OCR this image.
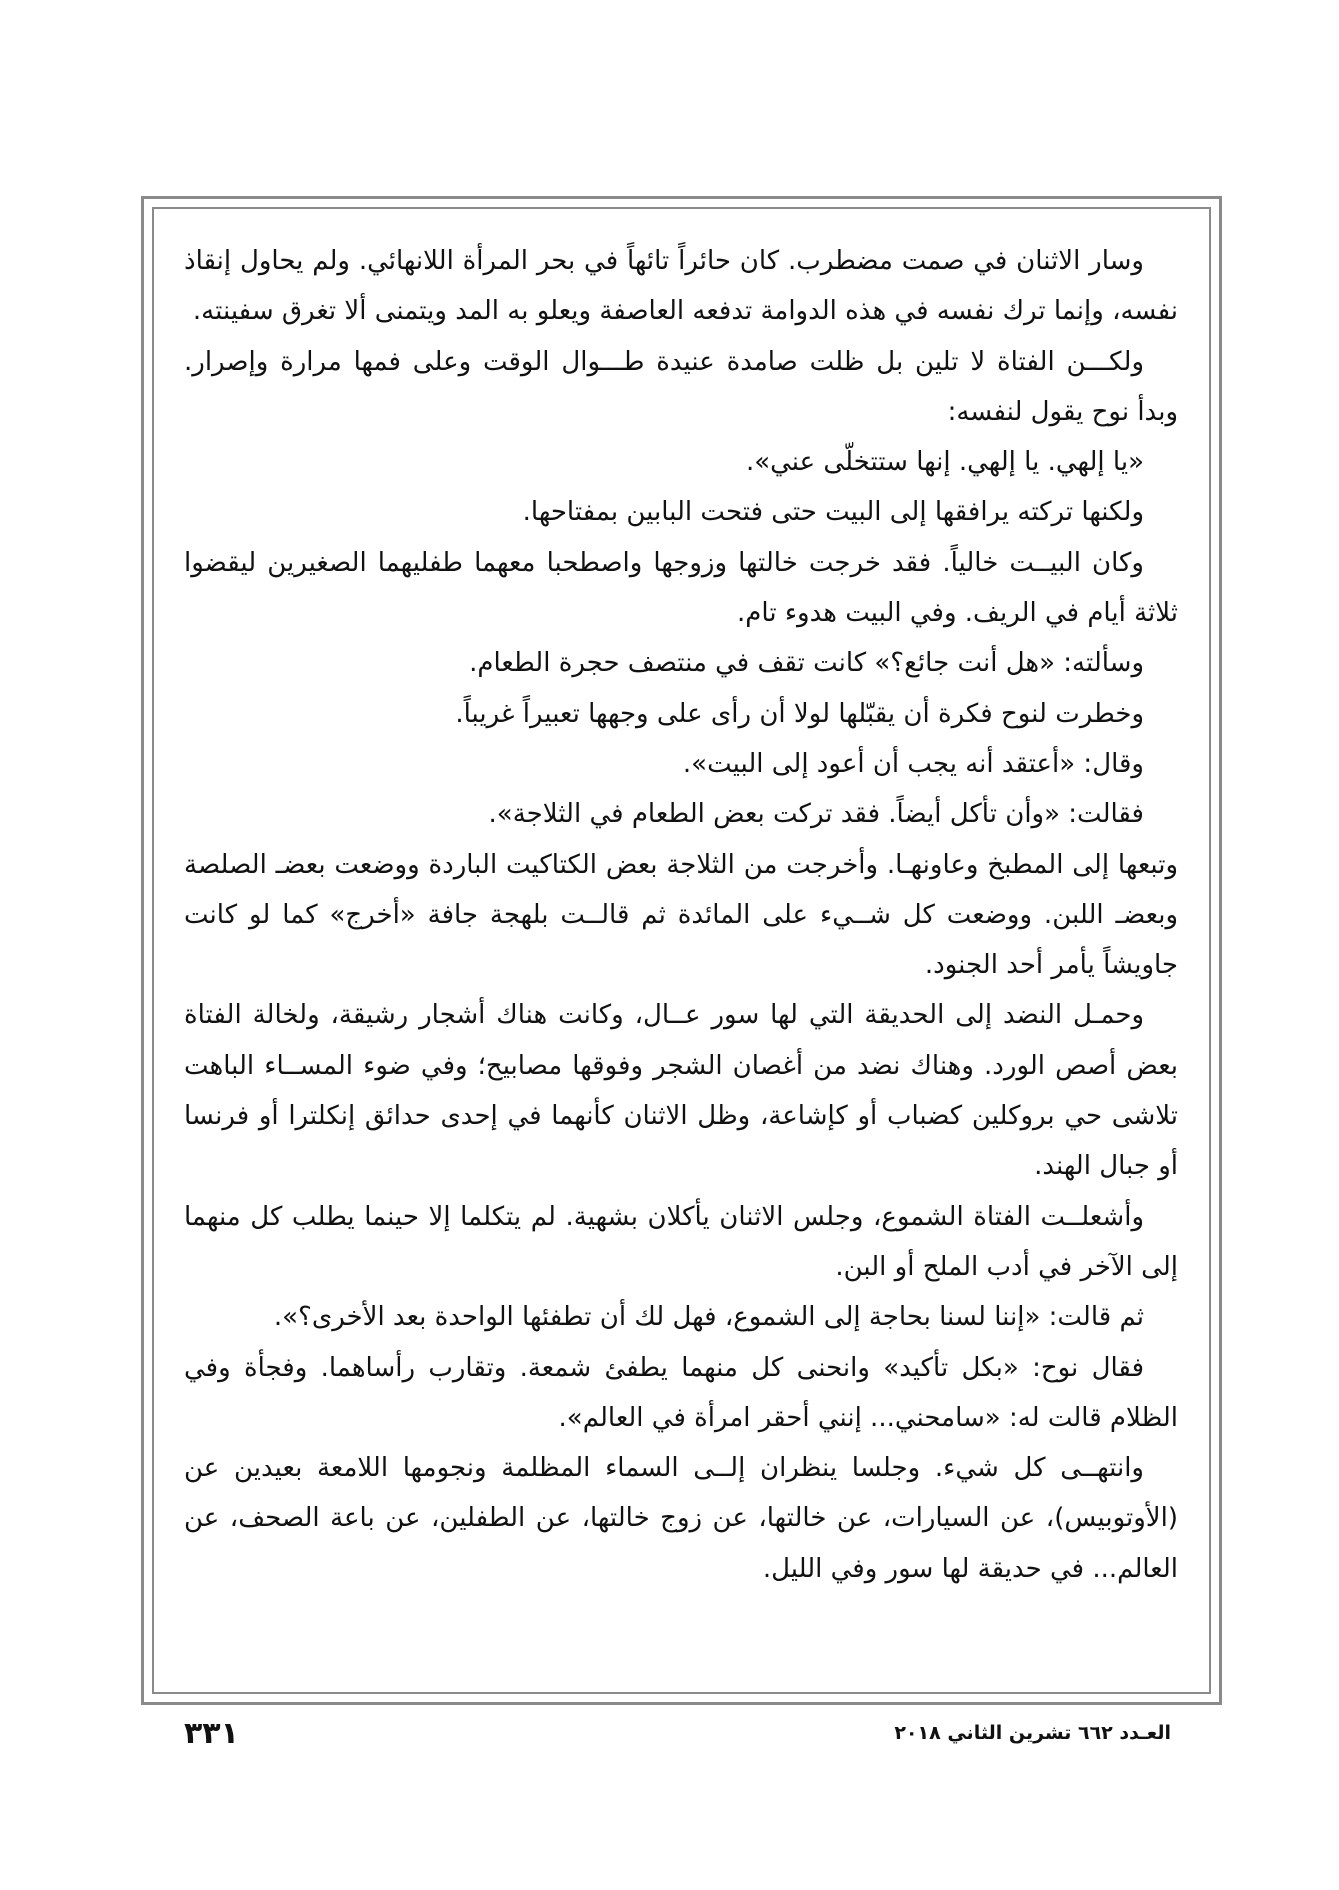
وسار الاثنان في صمت مضطرب. كان حائراً تائهاً في بحر المرأة اللانهائي. ولم يحاول إنقاذ نفسه، وإنما ترك نفسه في هذه الدوامة تدفعه العاصفة ويعلو به المد ويتمنى ألا تغرق سفينته.

ولكـــن الفتاة لا تلين بل ظلت صامدة عنيدة طـــوال الوقت وعلى فمها مرارة وإصرار. وبدأ نوح يقول لنفسه:

«يا إلهي. يا إلهي. إنها ستتخلّى عني».

ولكنها تركته يرافقها إلى البيت حتى فتحت البابين بمفتاحها.

وكان البيــت خالياً. فقد خرجت خالتها وزوجها واصطحبا معهما طفليهما الصغيرين ليقضوا ثلاثة أيام في الريف. وفي البيت هدوء تام.

وسألته: «هل أنت جائع؟» كانت تقف في منتصف حجرة الطعام.

وخطرت لنوح فكرة أن يقبّلها لولا أن رأى على وجهها تعبيراً غريباً.

وقال: «أعتقد أنه يجب أن أعود إلى البيت».

فقالت: «وأن تأكل أيضاً. فقد تركت بعض الطعام في الثلاجة».

وتبعها إلى المطبخ وعاونهـا. وأخرجت من الثلاجة بعض الكتاكيت الباردة ووضعت بعضـ الصلصة وبعضـ اللبن. ووضعت كل شــيء على المائدة ثم قالــت بلهجة جافة «أخرج» كما لو كانت جاويشاً يأمر أحد الجنود.

وحمـل النضد إلى الحديقة التي لها سور عــال، وكانت هناك أشجار رشيقة، ولخالة الفتاة بعض أصص الورد. وهناك نضد من أغصان الشجر وفوقها مصابيح؛ وفي ضوء المســاء الباهت تلاشى حي بروكلين كضباب أو كإشاعة، وظل الاثنان كأنهما في إحدى حدائق إنكلترا أو فرنسا أو جبال الهند.

وأشعلــت الفتاة الشموع، وجلس الاثنان يأكلان بشهية. لم يتكلما إلا حينما يطلب كل منهما إلى الآخر في أدب الملح أو البن.

ثم قالت: «إننا لسنا بحاجة إلى الشموع، فهل لك أن تطفئها الواحدة بعد الأخرى؟».

فقال نوح: «بكل تأكيد» وانحنى كل منهما يطفئ شمعة. وتقارب رأساهما. وفجأة وفي الظلام قالت له: «سامحني... إنني أحقر امرأة في العالم».

وانتهــى كل شيء. وجلسا ينظران إلــى السماء المظلمة ونجومها اللامعة بعيدين عن (الأوتوبيس)، عن السيارات، عن خالتها، عن زوج خالتها، عن الطفلين، عن باعة الصحف، عن العالم... في حديقة لها سور وفي الليل.

٣٣١	العـدد ٦٦٢ تشرين الثاني ٢٠١٨
